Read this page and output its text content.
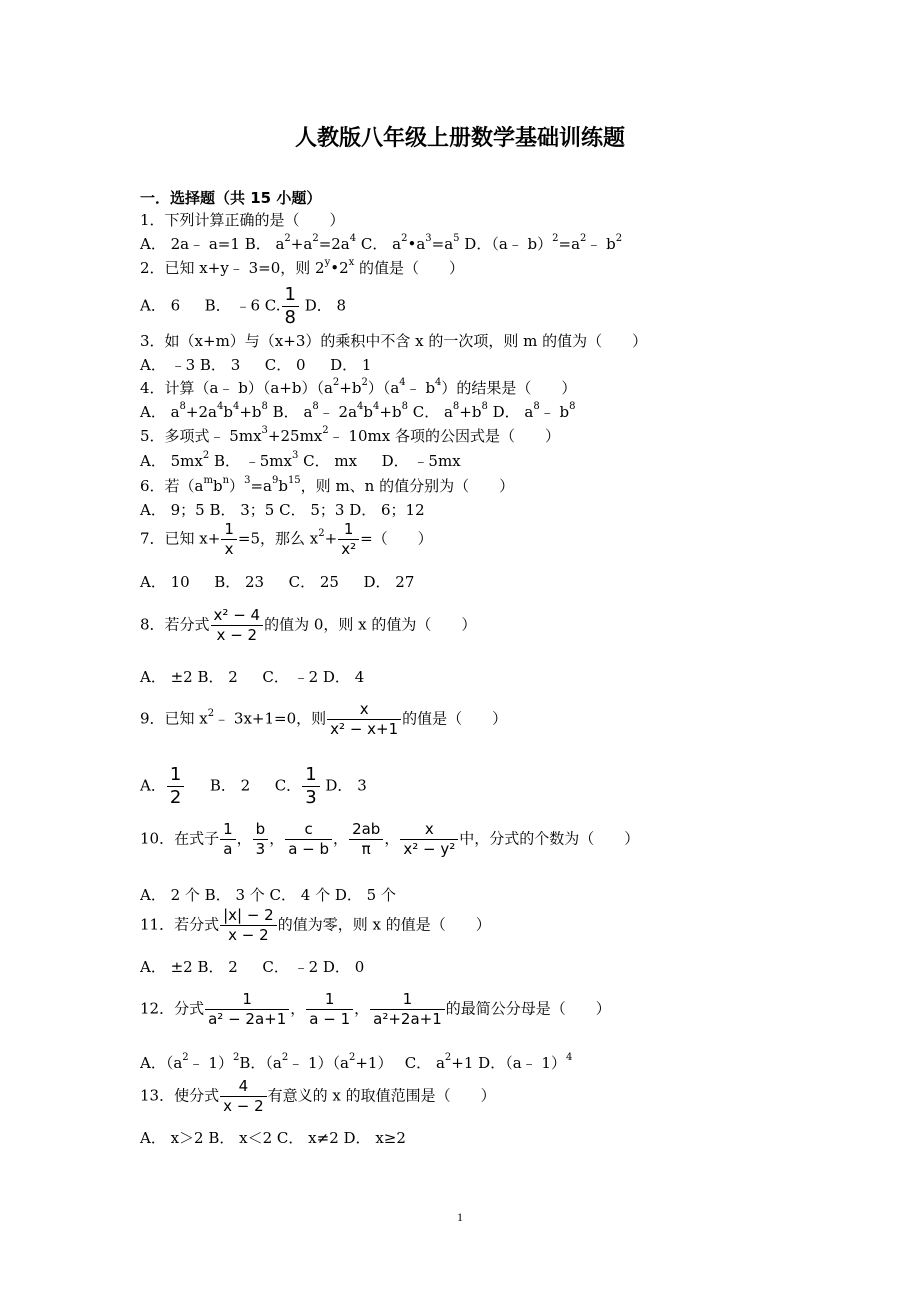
人教版八年级上册数学基础训练题
一．选择题（共 15 小题）
1．下列计算正确的是（　　）
A． 2a﹣ a=1 B． $a^2+a^2=2a^4$ C． $a^2•a^3=a^5$ D．（a﹣ $b)^2=a^2﹣$ $b^2$
2．已知 x+y﹣ 3=0，则 2$^y$•2$^x$ 的值是（　　）
A． 6 　 B． ﹣6 C. $\frac{1}{8}$ D． 8
3．如（x+m）与（x+3）的乘积中不含 x 的一次项，则 m 的值为（　　）
A． ﹣3 B． 3 　 C． 0 　 D． 1
4．计算（a﹣ $b)(a+b)(a^2+b^2)(a^4﹣$ $b^4$）的结果是（　　）
A． $a^8+2a^4b^4+b^8$ B． $a^8﹣$ $2a^4b^4+b^8$ C． $a^8+b^8$ D． $a^8﹣$ $b^8$
5．多项式﹣ $5mx^3+25mx^2﹣$ 10mx 各项的公因式是（　　）
A． $5mx^2$ B． $﹣5mx^3$ C． mx 　 D． ﹣5mx
6．若$(a^mb^n)^3=a^9b^{15}$，则 m、n 的值分别为（　　）
A． 9；5 B． 3；5 C． 5；3 D． 6；12
7．已知 $x+ \frac{1}{x} =5$，那么 $x^2+ \frac{1}{\text{x²}}$ =（　　）
A． 10 　 B． 23 　 C． 25 　 D． 27
8．若分式 $\frac{\text{x² − 4}}{x - 2}$ 的值为 0，则 x 的值为（　　）
A． ±2 B． 2 　 C． ﹣2 D． 4
9．已知 $x^2﹣$ 3x+1=0，则 $\frac{x}{\text{x² − x+1}}$ 的值是（　　）
A． $\frac{1}{2}$ 　 B． 2 　 C． $\frac{1}{3}$ D． 3
10．在式子 $\frac{1}{a}$ ， $\frac{b}{3}$ ， $\frac{c}{a - b}$ ， $\frac{2ab}{\pi}$ ， $\frac{x}{\text{x² − y²}}$ 中，分式的个数为（　　）
A． 2 个 B． 3 个 C． 4 个 D． 5 个
11．若分式 $\frac{|x| - 2}{x - 2}$ 的值为零，则 x 的值是（　　）
A． ±2 B． 2 　 C． ﹣2 D． 0
12．分式 $\frac{1}{\text{a² − 2a+1}}$ ， $\frac{1}{a - 1}$ ， $\frac{1}{\text{a²+2a+1}}$ 的最简公分母是（　　）
A．（$a^2﹣$ 1）$^2$B．（$a^2﹣$ $1)(a^2+1)$　 C． $a^2+1$ D．（a﹣ 1）$^4$
13．使分式 $\frac{4}{x - 2}$ 有意义的 x 的取值范围是（　　）
A． x＞2 B． x＜2 C． x≠2 D． x≥2
1
